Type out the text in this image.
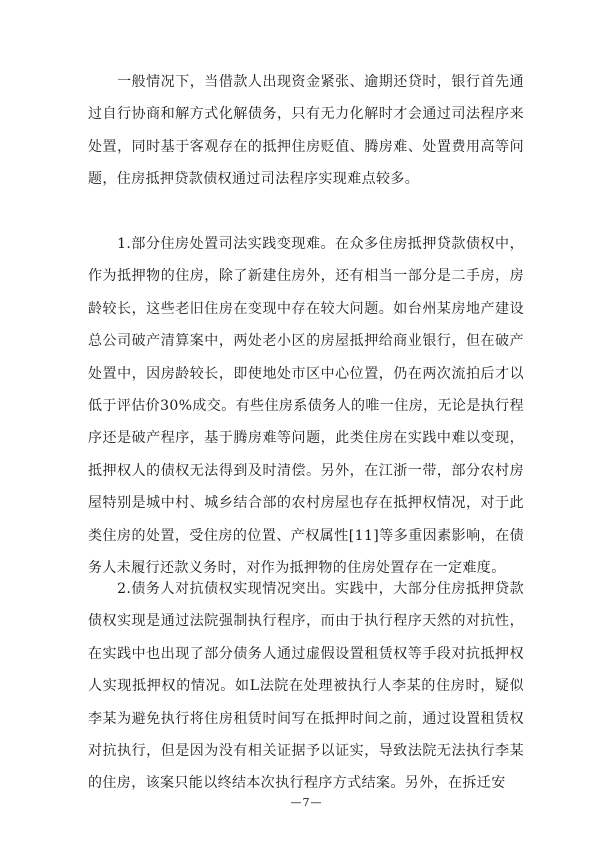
　　一般情况下，当借款人出现资金紧张、逾期还贷时，银行首先通过自行协商和解方式化解债务，只有无力化解时才会通过司法程序来处置，同时基于客观存在的抵押住房贬值、腾房难、处置费用高等问题，住房抵押贷款债权通过司法程序实现难点较多。

　　1.部分住房处置司法实践变现难。在众多住房抵押贷款债权中，作为抵押物的住房，除了新建住房外，还有相当一部分是二手房，房龄较长，这些老旧住房在变现中存在较大问题。如台州某房地产建设总公司破产清算案中，两处老小区的房屋抵押给商业银行，但在破产处置中，因房龄较长，即使地处市区中心位置，仍在两次流拍后才以低于评估价30%成交。有些住房系债务人的唯一住房，无论是执行程序还是破产程序，基于腾房难等问题，此类住房在实践中难以变现，抵押权人的债权无法得到及时清偿。另外，在江浙一带，部分农村房屋特别是城中村、城乡结合部的农村房屋也存在抵押权情况，对于此类住房的处置，受住房的位置、产权属性[11]等多重因素影响，在债务人未履行还款义务时，对作为抵押物的住房处置存在一定难度。

　　2.债务人对抗债权实现情况突出。实践中，大部分住房抵押贷款债权实现是通过法院强制执行程序，而由于执行程序天然的对抗性，在实践中也出现了部分债务人通过虚假设置租赁权等手段对抗抵押权人实现抵押权的情况。如L法院在处理被执行人李某的住房时，疑似李某为避免执行将住房租赁时间写在抵押时间之前，通过设置租赁权对抗执行，但是因为没有相关证据予以证实，导致法院无法执行李某的住房，该案只能以终结本次执行程序方式结案。另外，在拆迁安

—7—
